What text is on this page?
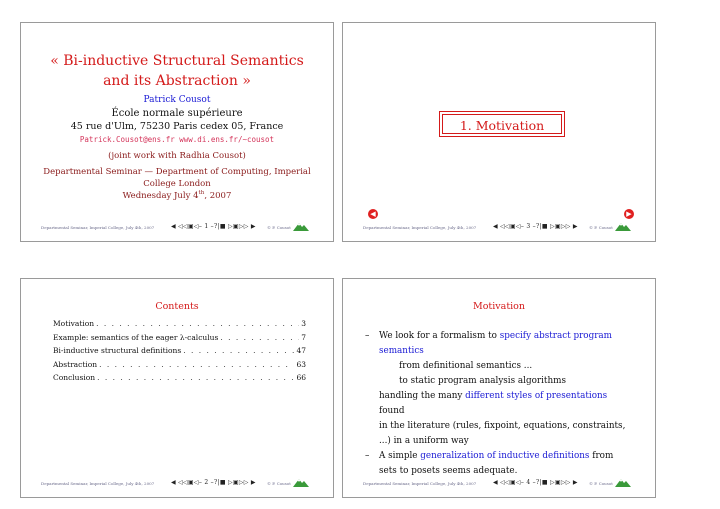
« Bi-inductive Structural Semantics
and its Abstraction »
Patrick Cousot
École normale supérieure
45 rue d'Ulm, 75230 Paris cedex 05, France
Patrick.Cousot@ens.fr www.di.ens.fr/~cousot
(joint work with Radhia Cousot)
Departmental Seminar — Department of Computing, Imperial College London
Wednesday July 4th, 2007
Departmental Seminar, Imperial College, July 4th, 2007	◀ ◁◁▣◁– 1 –?|■ ▷▣▷▷ ▶	© P. Cousot
1. Motivation
◀	▶
Departmental Seminar, Imperial College, July 4th, 2007	◀ ◁◁▣◁– 3 –?|■ ▷▣▷▷ ▶	© P. Cousot
Contents
Motivation . . .	3
Example: semantics of the eager λ-calculus . . .	7
Bi-inductive structural definitions . . .	47
Abstraction . . .	63
Conclusion . . .	66
Departmental Seminar, Imperial College, July 4th, 2007	◀ ◁◁▣◁– 2 –?|■ ▷▣▷▷ ▶	© P. Cousot
Motivation
– We look for a formalism to specify abstract program
semantics
from definitional semantics ...
to static program analysis algorithms
handling the many different styles of presentations found
in the literature (rules, fixpoint, equations, constraints,
...) in a uniform way
– A simple generalization of inductive definitions from
sets to posets seems adequate.
Departmental Seminar, Imperial College, July 4th, 2007	◀ ◁◁▣◁– 4 –?|■ ▷▣▷▷ ▶	© P. Cousot
